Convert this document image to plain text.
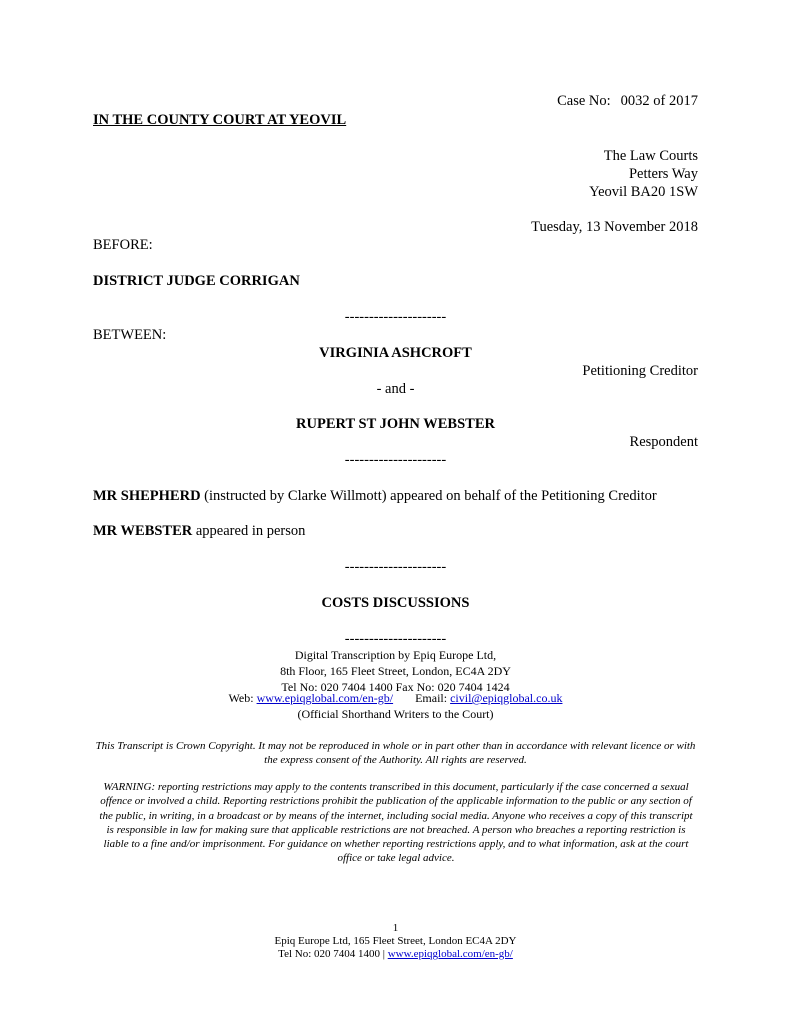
Case No: 0032 of 2017
IN THE COUNTY COURT AT YEOVIL
The Law Courts
Petters Way
Yeovil BA20 1SW
Tuesday, 13 November 2018
BEFORE:
DISTRICT JUDGE CORRIGAN
---------------------
BETWEEN:
VIRGINIA ASHCROFT
Petitioning Creditor
- and -
RUPERT ST JOHN WEBSTER
Respondent
---------------------
MR SHEPHERD (instructed by Clarke Willmott) appeared on behalf of the Petitioning Creditor
MR WEBSTER appeared in person
---------------------
COSTS DISCUSSIONS
---------------------
Digital Transcription by Epiq Europe Ltd,
8th Floor, 165 Fleet Street, London, EC4A 2DY
Tel No: 020 7404 1400 Fax No: 020 7404 1424
Web: www.epiqglobal.com/en-gb/ Email: civil@epiqglobal.co.uk
(Official Shorthand Writers to the Court)
This Transcript is Crown Copyright. It may not be reproduced in whole or in part other than in accordance with relevant licence or with the express consent of the Authority. All rights are reserved.
WARNING: reporting restrictions may apply to the contents transcribed in this document, particularly if the case concerned a sexual offence or involved a child. Reporting restrictions prohibit the publication of the applicable information to the public or any section of the public, in writing, in a broadcast or by means of the internet, including social media. Anyone who receives a copy of this transcript is responsible in law for making sure that applicable restrictions are not breached. A person who breaches a reporting restriction is liable to a fine and/or imprisonment. For guidance on whether reporting restrictions apply, and to what information, ask at the court office or take legal advice.
1
Epiq Europe Ltd, 165 Fleet Street, London EC4A 2DY
Tel No: 020 7404 1400 | www.epiqglobal.com/en-gb/
